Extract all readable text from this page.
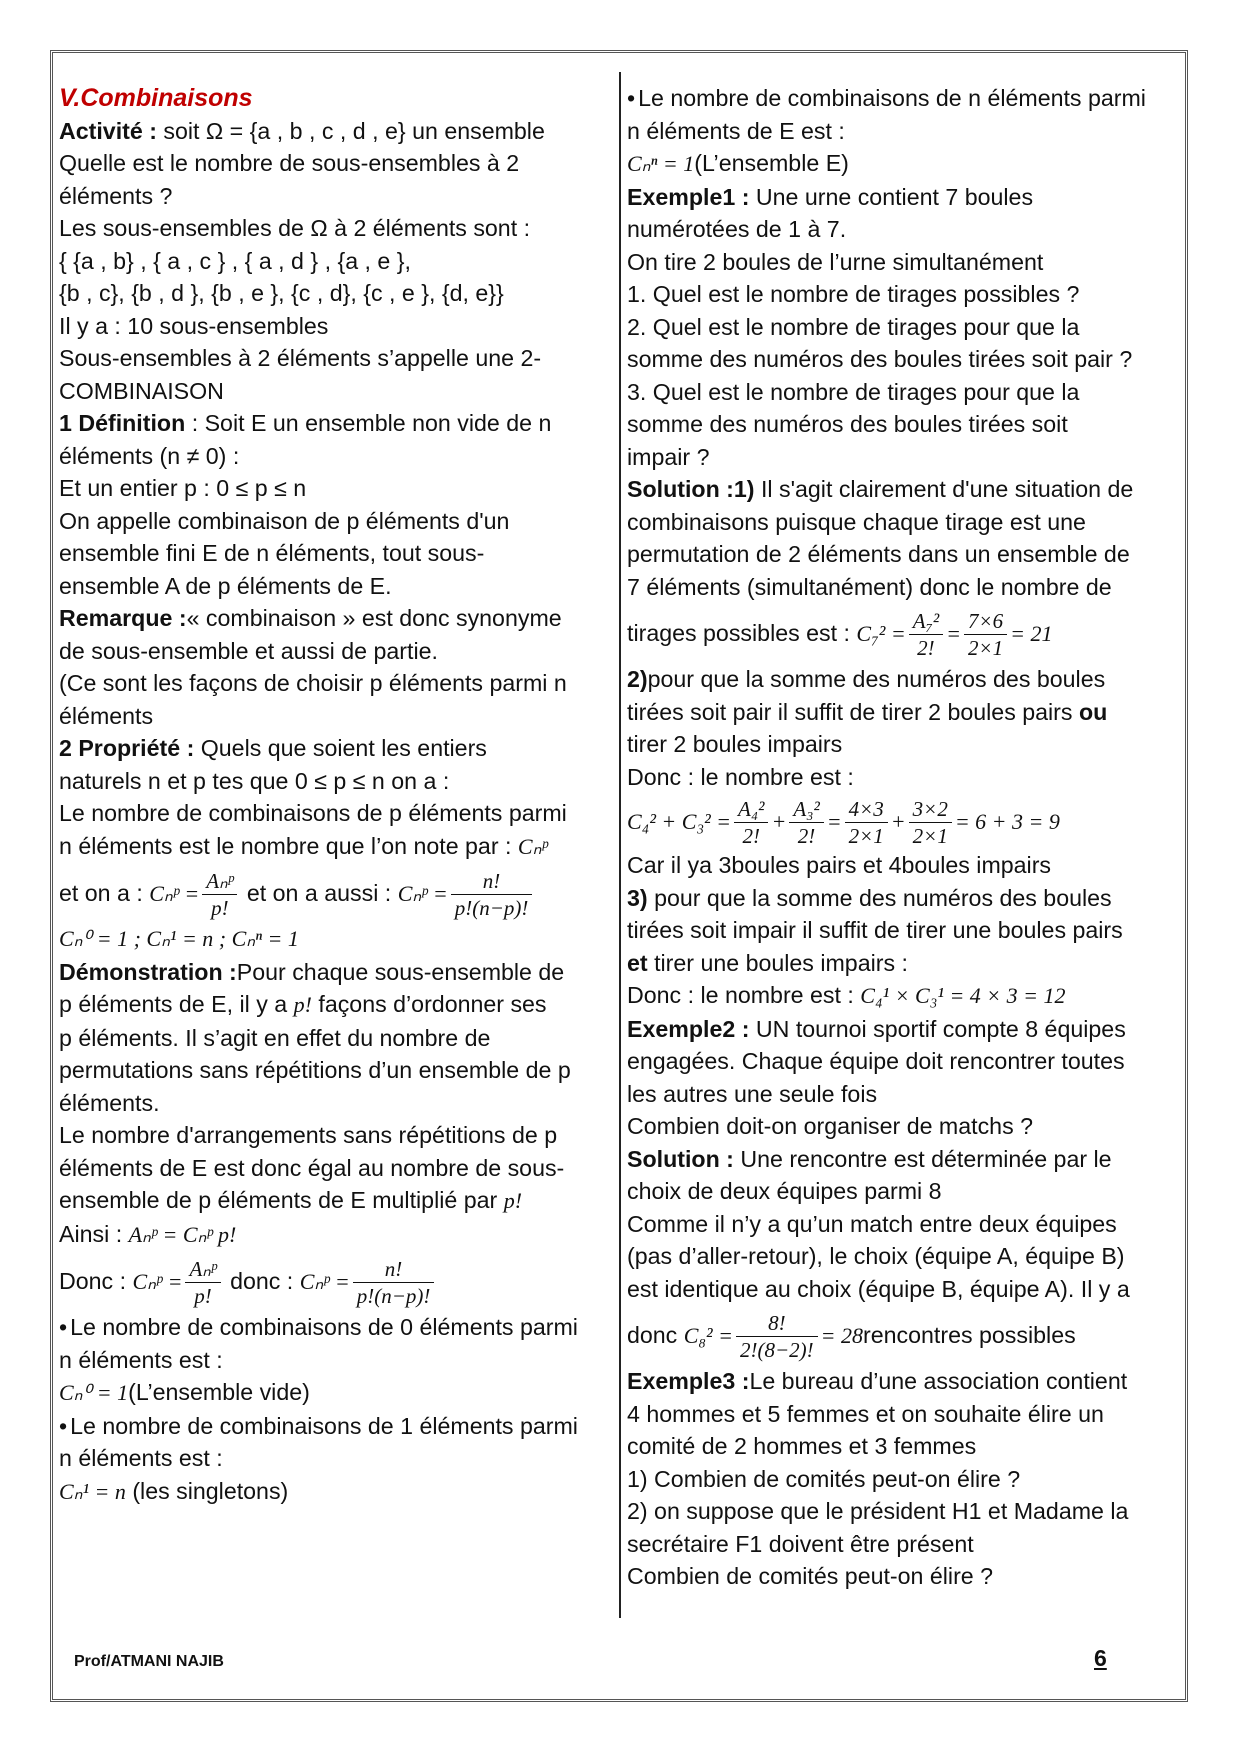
V.Combinaisons
Activité : soit Ω = {a , b , c , d , e} un ensemble
Quelle est le nombre de sous-ensembles à 2
éléments ?
Les sous-ensembles de Ω à 2 éléments sont :
{ {a , b} , { a , c } , { a , d } , {a , e },
{b , c}, {b , d }, {b , e }, {c , d}, {c , e }, {d, e}}
Il y a : 10 sous-ensembles
Sous-ensembles à 2 éléments s’appelle une 2-
COMBINAISON
1 Définition : Soit E un ensemble non vide de n
éléments (n ≠ 0) :
Et un entier p : 0 ≤ p ≤ n
On appelle combinaison de p éléments d'un
ensemble fini E de n éléments, tout sous-
ensemble A de p éléments de E.
Remarque :« combinaison » est donc synonyme
de sous-ensemble et aussi de partie.
(Ce sont les façons de choisir p éléments parmi n
éléments
2 Propriété : Quels que soient les entiers
naturels n et p tes que 0 ≤ p ≤ n on a :
Le nombre de combinaisons de p éléments parmi
n éléments est le nombre que l’on note par : Cₙᵖ
et on a : Cₙᵖ = $\frac{\text{Aₙᵖ}}{p!}$ et on a aussi : Cₙᵖ = $\frac{n!}{p!(n-p)!}$
Cₙ⁰ = 1 ; Cₙ¹ = n ; Cₙⁿ = 1
Démonstration :Pour chaque sous-ensemble de
p éléments de E, il y a p! façons d’ordonner ses
p éléments. Il s’agit en effet du nombre de
permutations sans répétitions d’un ensemble de p
éléments.
Le nombre d'arrangements sans répétitions de p
éléments de E est donc égal au nombre de sous-
ensemble de p éléments de E multiplié par p!
Ainsi : Aₙᵖ = Cₙᵖ p!
Donc : Cₙᵖ = $\frac{\text{Aₙᵖ}}{p!}$ donc : Cₙᵖ = $\frac{n!}{p!(n-p)!}$
• Le nombre de combinaisons de 0 éléments parmi
n éléments est :
Cₙ⁰ = 1(L’ensemble vide)
• Le nombre de combinaisons de 1 éléments parmi
n éléments est :
Cₙ¹ = n (les singletons)
• Le nombre de combinaisons de n éléments parmi
n éléments de E est :
Cₙⁿ = 1(L’ensemble E)
Exemple1 : Une urne contient 7 boules
numérotées de 1 à 7.
On tire 2 boules de l’urne simultanément
1. Quel est le nombre de tirages possibles ?
2. Quel est le nombre de tirages pour que la
somme des numéros des boules tirées soit pair ?
3. Quel est le nombre de tirages pour que la
somme des numéros des boules tirées soit
impair ?
Solution :1) Il s'agit clairement d'une situation de
combinaisons puisque chaque tirage est une
permutation de 2 éléments dans un ensemble de
7 éléments (simultanément) donc le nombre de
tirages possibles est : $C_7^2 = \frac{\text{A₇²}}{2!} = \frac{7\times 6}{2\times 1} = 21$
2)pour que la somme des numéros des boules
tirées soit pair il suffit de tirer 2 boules pairs ou
tirer 2 boules impairs
Donc : le nombre est :
$C_4^2 + C_3^2 = \frac{\text{A₄²}}{2!} + \frac{\text{A₃²}}{2!} = \frac{4\times 3}{2\times 1} + \frac{3\times 2}{2\times 1} = 6 + 3 = 9$
Car il ya 3boules pairs et 4boules impairs
3) pour que la somme des numéros des boules
tirées soit impair il suffit de tirer une boules pairs
et tirer une boules impairs :
Donc : le nombre est : C₄¹ × C₃¹ = 4 × 3 = 12
Exemple2 : UN tournoi sportif compte 8 équipes
engagées. Chaque équipe doit rencontrer toutes
les autres une seule fois
Combien doit-on organiser de matchs ?
Solution : Une rencontre est déterminée par le
choix de deux équipes parmi 8
Comme il n’y a qu’un match entre deux équipes
(pas d’aller-retour), le choix (équipe A, équipe B)
est identique au choix (équipe B, équipe A). Il y a
donc $C_8^2 = \frac{8!}{2!(8-2)!}$ = 28rencontres possibles
Exemple3 :Le bureau d’une association contient
4 hommes et 5 femmes et on souhaite élire un
comité de 2 hommes et 3 femmes
1) Combien de comités peut-on élire ?
2) on suppose que le président H1 et Madame la
secrétaire F1 doivent être présent
Combien de comités peut-on élire ?
Prof/ATMANI NAJIB	6
